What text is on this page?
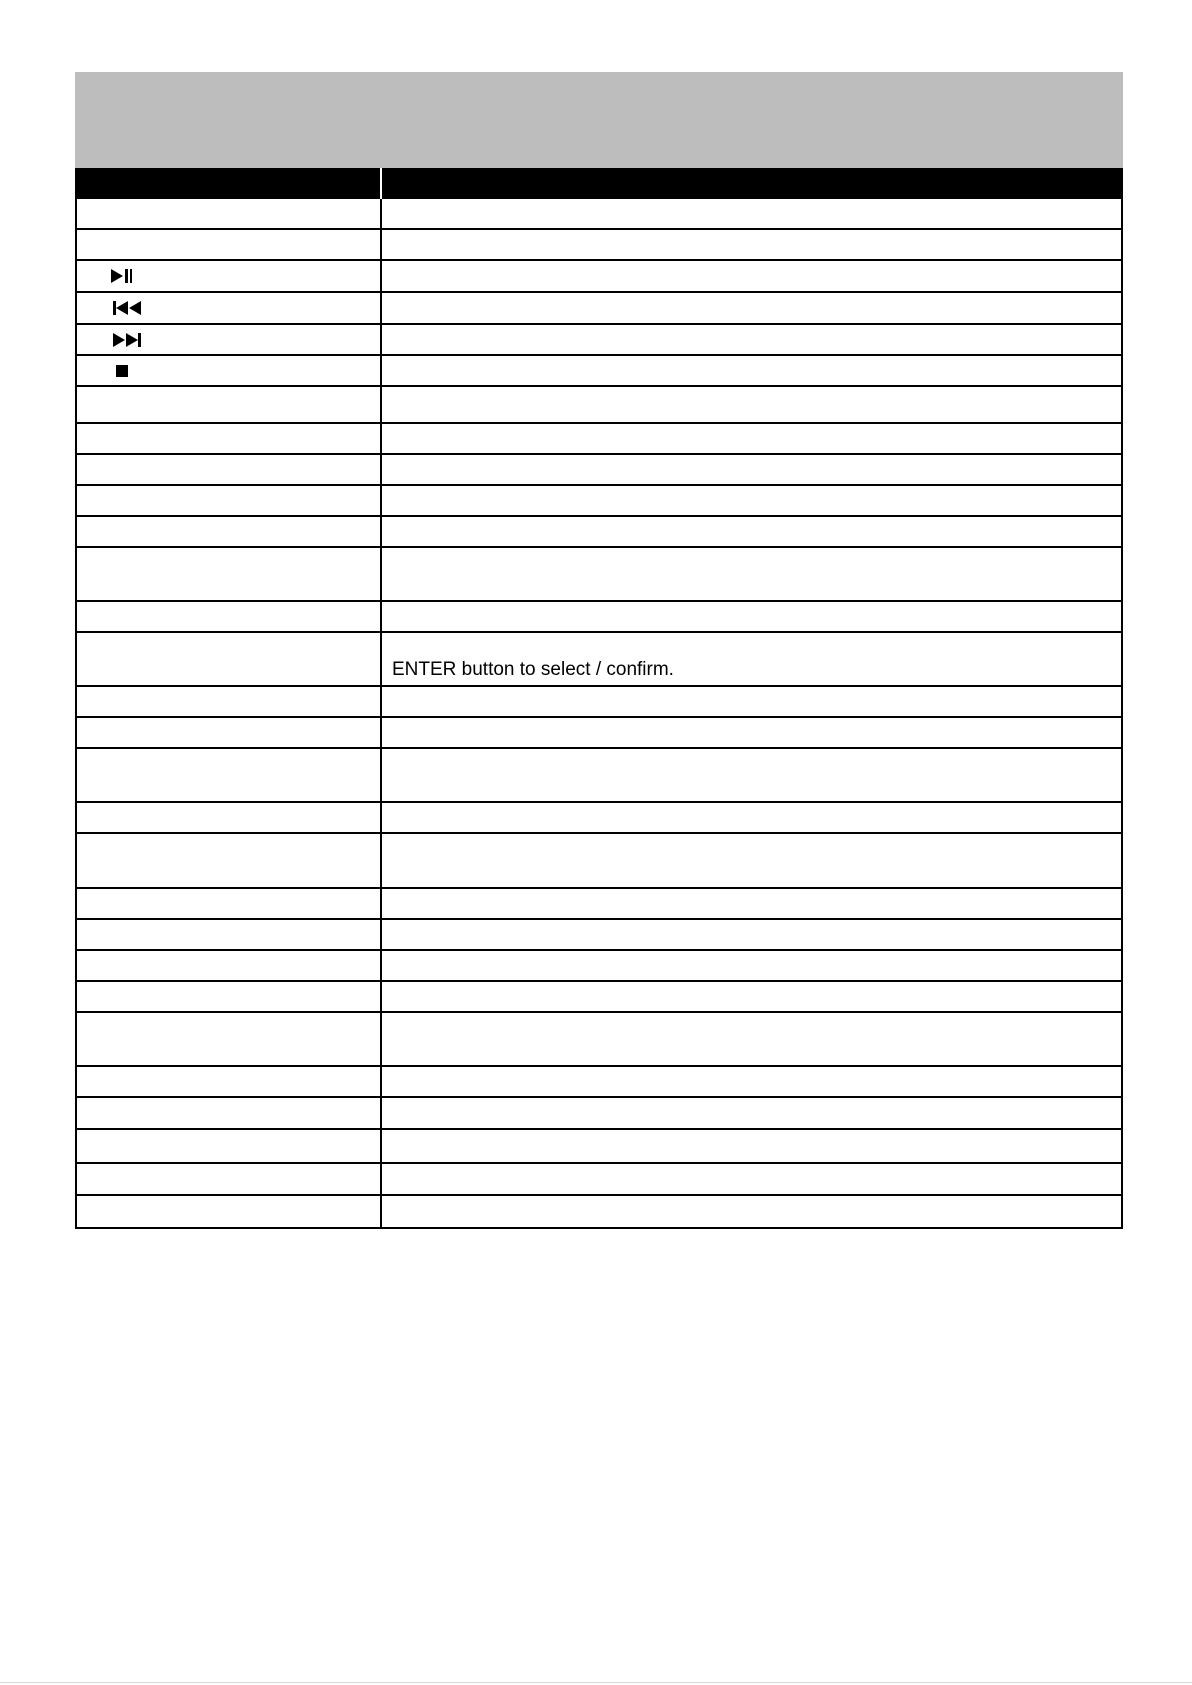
ENTER button to select / confirm.
